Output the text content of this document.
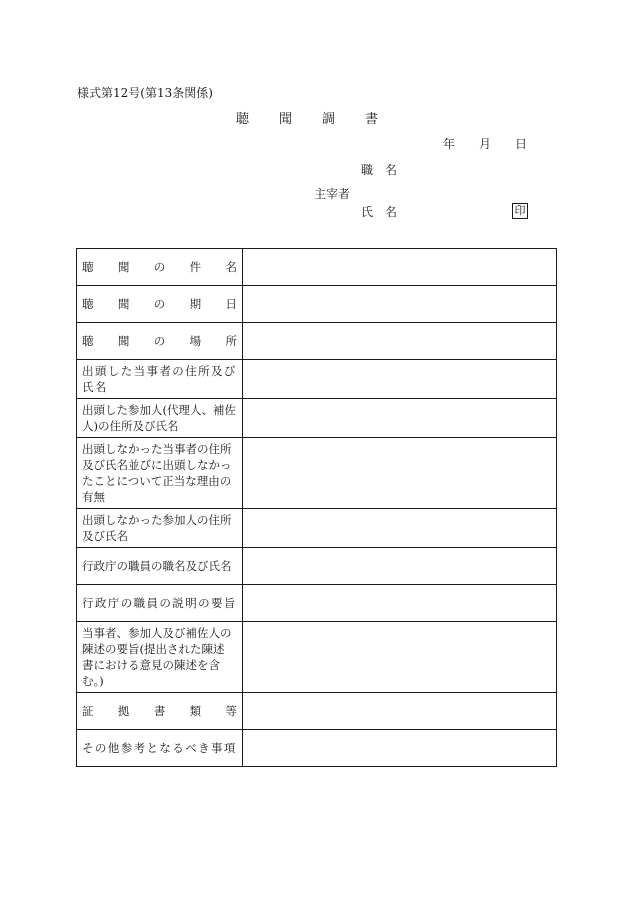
様式第12号(第13条関係)
聴聞調書
年月日
職名
主宰者
氏名	印
聴聞の件名	

聴聞の期日	

聴聞の場所	

出頭した当事者の住所及び
氏名	

出頭した参加人(代理人、補佐
人)の住所及び氏名	

出頭しなかった当事者の住所
及び氏名並びに出頭しなかっ
たことについて正当な理由の
有無	

出頭しなかった参加人の住所
及び氏名	

行政庁の職員の職名及び氏名	

行政庁の職員の説明の要旨	

当事者、参加人及び補佐人の
陳述の要旨(提出された陳述
書における意見の陳述を含
む。)	

証拠書類等	

その他参考となるべき事項	
